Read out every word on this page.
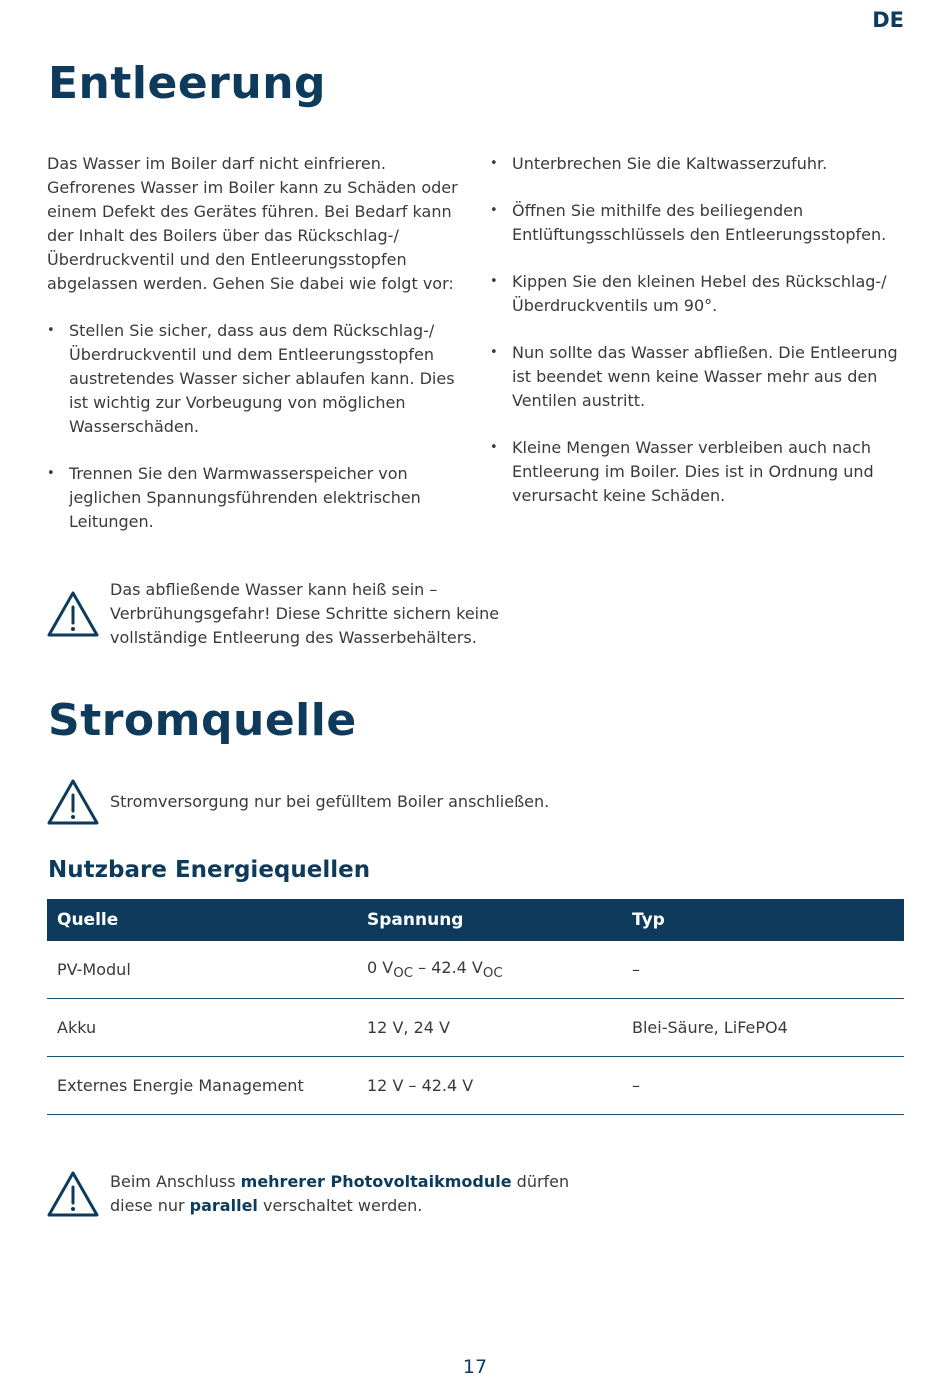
DE
Entleerung

Das Wasser im Boiler darf nicht einfrieren. Gefrorenes Wasser im Boiler kann zu Schäden oder einem Defekt des Gerätes führen. Bei Bedarf kann der Inhalt des Boilers über das Rückschlag-/Überdruckventil und den Entleerungsstopfen abgelassen werden. Gehen Sie dabei wie folgt vor:

• Stellen Sie sicher, dass aus dem Rückschlag-/Überdruckventil und dem Entleerungsstopfen austretendes Wasser sicher ablaufen kann. Dies ist wichtig zur Vorbeugung von möglichen Wasserschäden.
• Trennen Sie den Warmwasserspeicher von jeglichen Spannungsführenden elektrischen Leitungen.
• Unterbrechen Sie die Kaltwasserzufuhr.
• Öffnen Sie mithilfe des beiliegenden Entlüftungsschlüssels den Entleerungsstopfen.
• Kippen Sie den kleinen Hebel des Rückschlag-/Überdruckventils um 90°.
• Nun sollte das Wasser abfließen. Die Entleerung ist beendet wenn keine Wasser mehr aus den Ventilen austritt.
• Kleine Mengen Wasser verbleiben auch nach Entleerung im Boiler. Dies ist in Ordnung und verursacht keine Schäden.
Das abfließende Wasser kann heiß sein – Verbrühungsgefahr! Diese Schritte sichern keine vollständige Entleerung des Wasserbehälters.
Stromquelle
Stromversorgung nur bei gefülltem Boiler anschließen.
Nutzbare Energiequellen
Quelle	Spannung	Typ
PV-Modul	0 $V_{OC} - 42.4$ $V_{OC}$	–
Akku	12 V, 24 V	Blei-Säure, LiFePO4
Externes Energie Management	12 V – 42.4 V	–
Beim Anschluss mehrerer Photovoltaikmodule dürfen diese nur parallel verschaltet werden.
17
